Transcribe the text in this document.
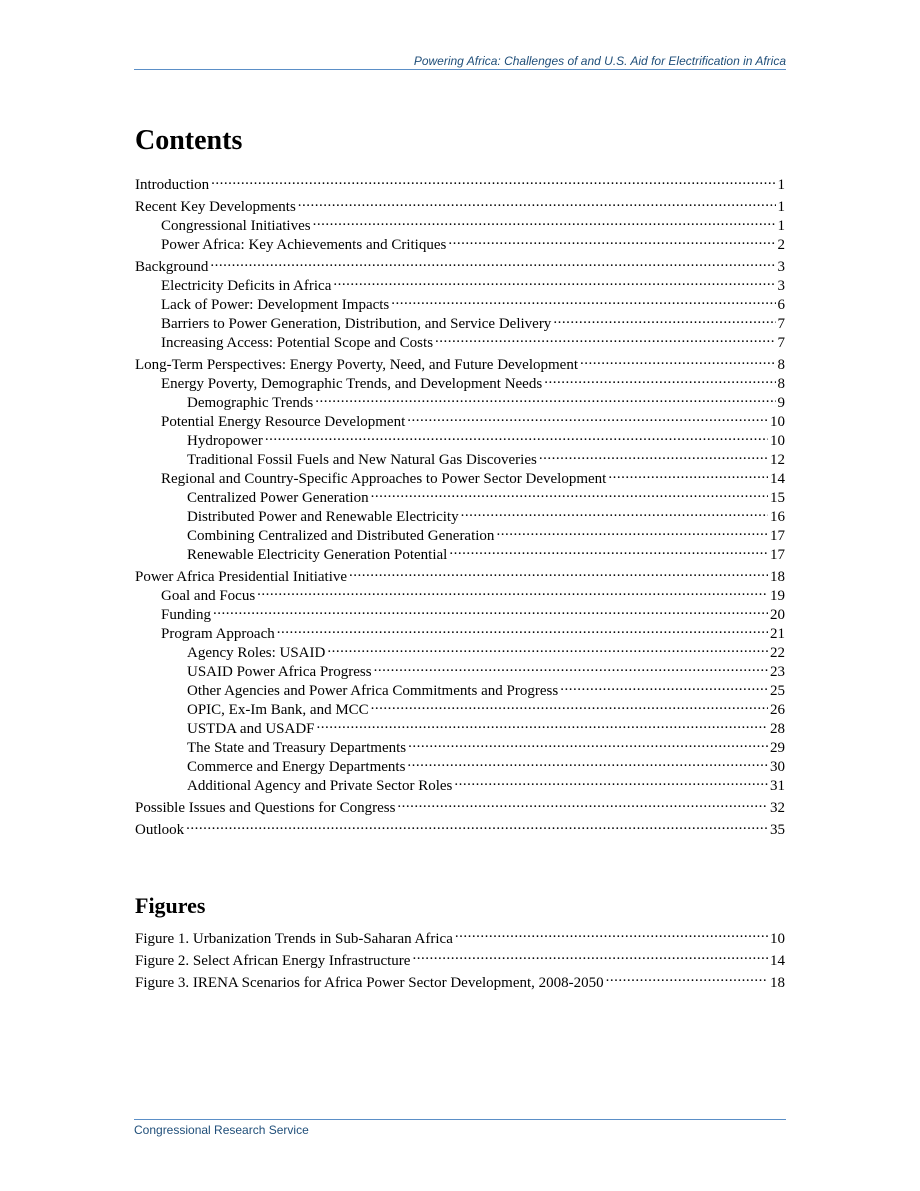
Powering Africa: Challenges of and U.S. Aid for Electrification in Africa
Contents
Introduction .....	1
Recent Key Developments .....	1
Congressional Initiatives .....	1
Power Africa: Key Achievements and Critiques .....	2
Background .....	3
Electricity Deficits in Africa .....	3
Lack of Power: Development Impacts .....	6
Barriers to Power Generation, Distribution, and Service Delivery .....	7
Increasing Access: Potential Scope and Costs .....	7
Long-Term Perspectives: Energy Poverty, Need, and Future Development .....	8
Energy Poverty, Demographic Trends, and Development Needs .....	8
Demographic Trends .....	9
Potential Energy Resource Development .....	10
Hydropower .....	10
Traditional Fossil Fuels and New Natural Gas Discoveries .....	12
Regional and Country-Specific Approaches to Power Sector Development .....	14
Centralized Power Generation .....	15
Distributed Power and Renewable Electricity .....	16
Combining Centralized and Distributed Generation .....	17
Renewable Electricity Generation Potential .....	17
Power Africa Presidential Initiative .....	18
Goal and Focus .....	19
Funding .....	20
Program Approach .....	21
Agency Roles: USAID .....	22
USAID Power Africa Progress .....	23
Other Agencies and Power Africa Commitments and Progress .....	25
OPIC, Ex-Im Bank, and MCC .....	26
USTDA and USADF .....	28
The State and Treasury Departments .....	29
Commerce and Energy Departments .....	30
Additional Agency and Private Sector Roles .....	31
Possible Issues and Questions for Congress .....	32
Outlook .....	35
Figures
Figure 1. Urbanization Trends in Sub-Saharan Africa .....	10
Figure 2. Select African Energy Infrastructure .....	14
Figure 3. IRENA Scenarios for Africa Power Sector Development, 2008-2050 .....	18
Congressional Research Service
